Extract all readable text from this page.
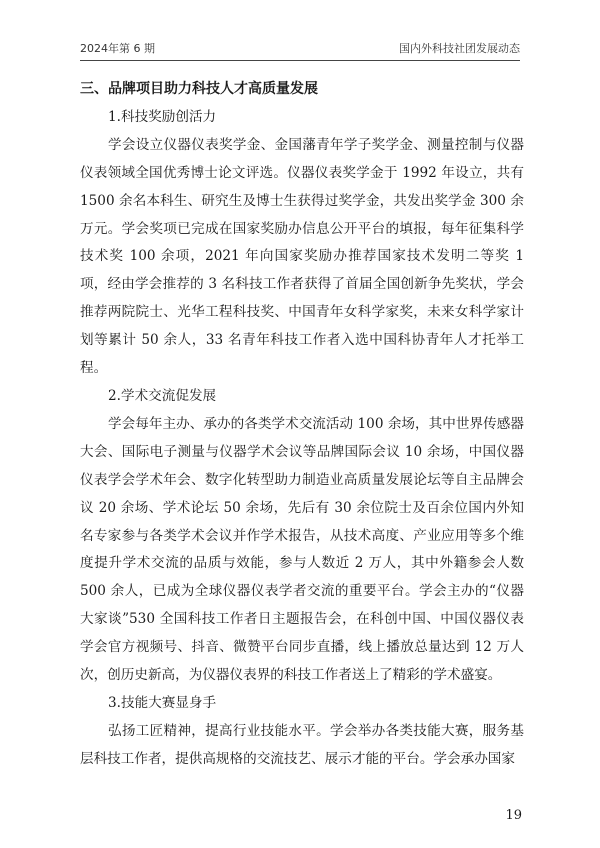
2024年第 6 期	国内外科技社团发展动态
三、品牌项目助力科技人才高质量发展
1.科技奖励创活力

学会设立仪器仪表奖学金、金国藩青年学子奖学金、测量控制与仪器仪表领域全国优秀博士论文评选。仪器仪表奖学金于 1992 年设立，共有 1500 余名本科生、研究生及博士生获得过奖学金，共发出奖学金 300 余万元。学会奖项已完成在国家奖励办信息公开平台的填报，每年征集科学技术奖 100 余项，2021 年向国家奖励办推荐国家技术发明二等奖 1 项，经由学会推荐的 3 名科技工作者获得了首届全国创新争先奖状，学会推荐两院院士、光华工程科技奖、中国青年女科学家奖，未来女科学家计划等累计 50 余人，33 名青年科技工作者入选中国科协青年人才托举工程。

2.学术交流促发展

学会每年主办、承办的各类学术交流活动 100 余场，其中世界传感器大会、国际电子测量与仪器学术会议等品牌国际会议 10 余场，中国仪器仪表学会学术年会、数字化转型助力制造业高质量发展论坛等自主品牌会议 20 余场、学术论坛 50 余场，先后有 30 余位院士及百余位国内外知名专家参与各类学术会议并作学术报告，从技术高度、产业应用等多个维度提升学术交流的品质与效能，参与人数近 2 万人，其中外籍参会人数 500 余人，已成为全球仪器仪表学者交流的重要平台。学会主办的“仪器大家谈”530 全国科技工作者日主题报告会，在科创中国、中国仪器仪表学会官方视频号、抖音、微赞平台同步直播，线上播放总量达到 12 万人次，创历史新高，为仪器仪表界的科技工作者送上了精彩的学术盛宴。

3.技能大赛显身手

弘扬工匠精神，提高行业技能水平。学会举办各类技能大赛，服务基层科技工作者，提供高规格的交流技艺、展示才能的平台。学会承办国家

19
